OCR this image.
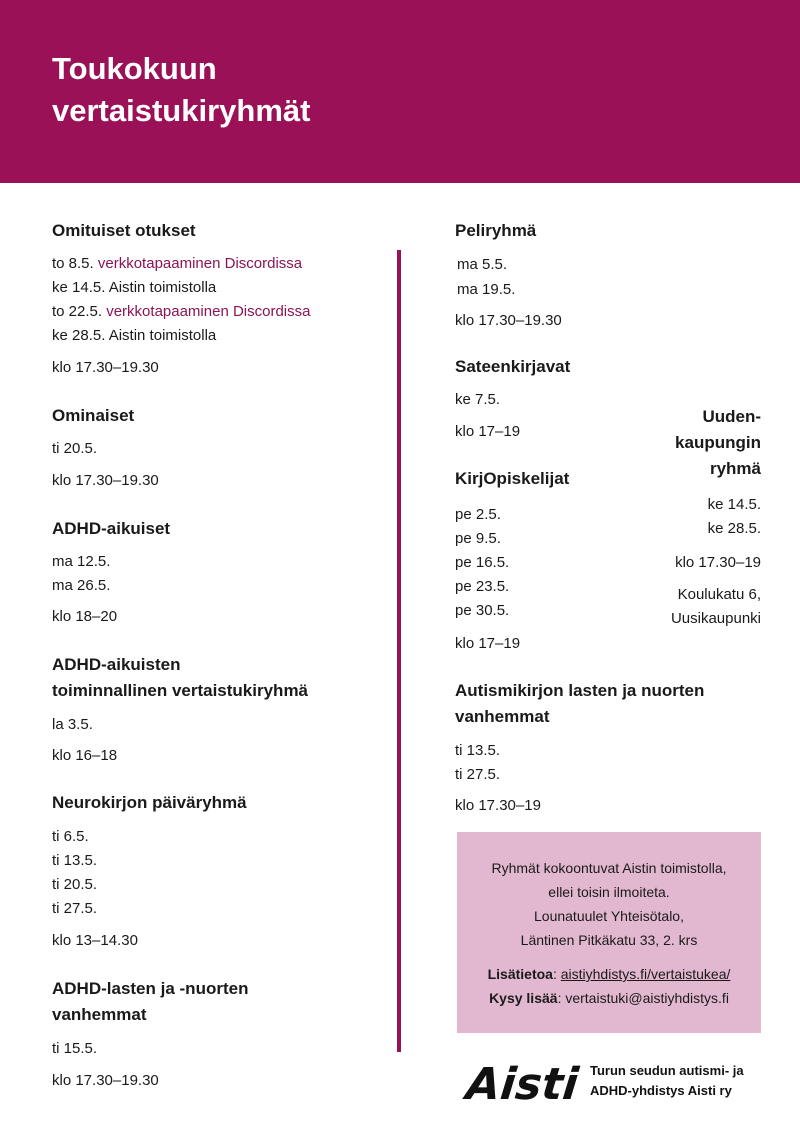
Toukokuun
vertaistukiryhmät
Omituiset otukset
to 8.5. verkkotapaaminen Discordissa
ke 14.5. Aistin toimistolla
to 22.5. verkkotapaaminen Discordissa
ke 28.5. Aistin toimistolla
klo 17.30–19.30
Ominaiset
ti 20.5.
klo 17.30–19.30
ADHD-aikuiset
ma 12.5.
ma 26.5.
klo 18–20
ADHD-aikuisten
toiminnallinen vertaistukiryhmä
la 3.5.
klo 16–18
Neurokirjon päiväryhmä
ti 6.5.
ti 13.5.
ti 20.5.
ti 27.5.
klo 13–14.30
ADHD-lasten ja -nuorten
vanhemmat
ti 15.5.
klo 17.30–19.30
Peliryhmä
ma 5.5.
ma 19.5.
klo 17.30–19.30
Sateenkirjavat
ke 7.5.
klo 17–19
KirjOpiskelijat
pe 2.5.
pe 9.5.
pe 16.5.
pe 23.5.
pe 30.5.
klo 17–19
Uuden-
kaupungin
ryhmä
ke 14.5.
ke 28.5.
klo 17.30–19
Koulukatu 6,
Uusikaupunki
Autismikirjon lasten ja nuorten
vanhemmat
ti 13.5.
ti 27.5.
klo 17.30–19
Ryhmät kokoontuvat Aistin toimistolla,
ellei toisin ilmoiteta.
Lounatuulet Yhteisötalo,
Läntinen Pitkäkatu 33, 2. krs
Lisätietoa: aistiyhdistys.fi/vertaistukea/
Kysy lisää: vertaistuki@aistiyhdistys.fi
Aisti Turun seudun autismi- ja
ADHD-yhdistys Aisti ry
